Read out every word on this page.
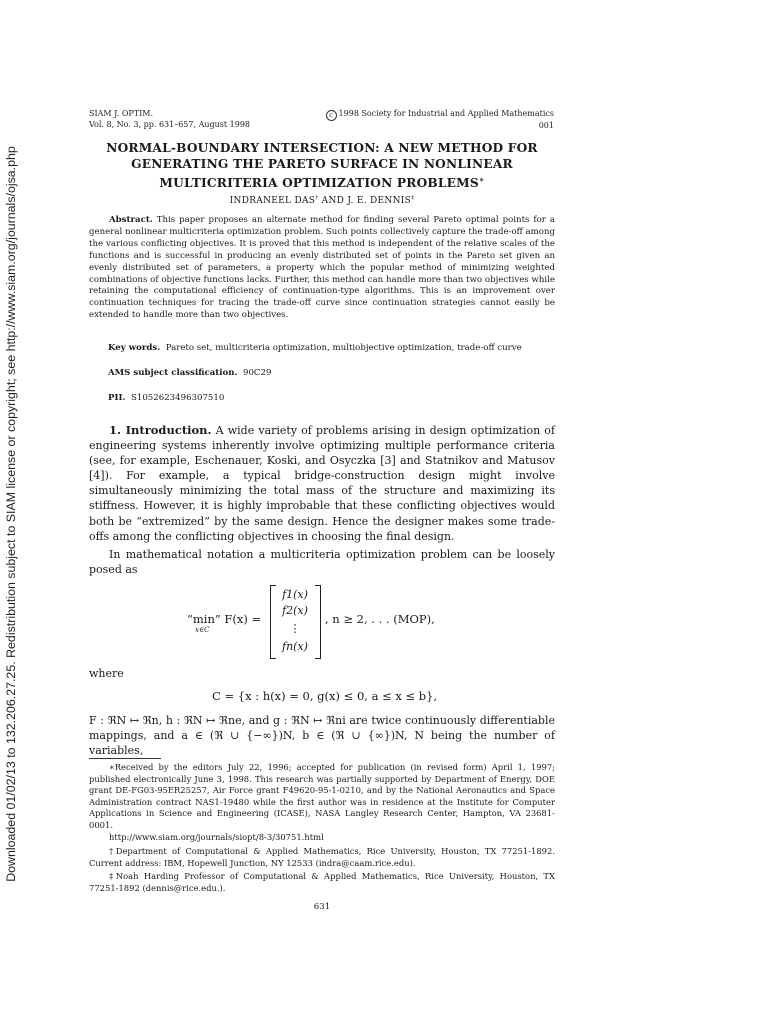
Downloaded 01/02/13 to 132.206.27.25. Redistribution subject to SIAM license or copyright; see http://www.siam.org/journals/ojsa.php
SIAM J. OPTIM.
Vol. 8, No. 3, pp. 631–657, August 1998
c 1998 Society for Industrial and Applied Mathematics
001
NORMAL-BOUNDARY INTERSECTION: A NEW METHOD FOR
GENERATING THE PARETO SURFACE IN NONLINEAR
MULTICRITERIA OPTIMIZATION PROBLEMS∗
INDRANEEL DAS† AND J. E. DENNIS‡
Abstract. This paper proposes an alternate method for finding several Pareto optimal points for a general nonlinear multicriteria optimization problem. Such points collectively capture the trade-off among the various conflicting objectives. It is proved that this method is independent of the relative scales of the functions and is successful in producing an evenly distributed set of points in the Pareto set given an evenly distributed set of parameters, a property which the popular method of minimizing weighted combinations of objective functions lacks. Further, this method can handle more than two objectives while retaining the computational efficiency of continuation-type algorithms. This is an improvement over continuation techniques for tracing the trade-off curve since continuation strategies cannot easily be extended to handle more than two objectives.
Key words. Pareto set, multicriteria optimization, multiobjective optimization, trade-off curve
AMS subject classification. 90C29
PII. S1052623496307510
1. Introduction. A wide variety of problems arising in design optimization of engineering systems inherently involve optimizing multiple performance criteria (see, for example, Eschenauer, Koski, and Osyczka [3] and Statnikov and Matusov [4]). For example, a typical bridge-construction design might involve simultaneously minimizing the total mass of the structure and maximizing its stiffness. However, it is highly improbable that these conflicting objectives would both be “extremized” by the same design. Hence the designer makes some trade-offs among the conflicting objectives in choosing the final design.
In mathematical notation a multicriteria optimization problem can be loosely posed as
“min” F(x) =
x∈C
f1(x)
f2(x)
⋮
fn(x)
, n ≥ 2, . . . (MOP),
where
C = {x : h(x) = 0, g(x) ≤ 0, a ≤ x ≤ b},
F : ℜN ↦ ℜn, h : ℜN ↦ ℜne, and g : ℜN ↦ ℜni are twice continuously differentiable mappings, and a ∈ (ℜ ∪ {−∞})N, b ∈ (ℜ ∪ {∞})N, N being the number of variables,
∗Received by the editors July 22, 1996; accepted for publication (in revised form) April 1, 1997; published electronically June 3, 1998. This research was partially supported by Department of Energy, DOE grant DE-FG03-95ER25257, Air Force grant F49620-95-1-0210, and by the National Aeronautics and Space Administration contract NAS1-19480 while the first author was in residence at the Institute for Computer Applications in Science and Engineering (ICASE), NASA Langley Research Center, Hampton, VA 23681-0001.
http://www.siam.org/journals/siopt/8-3/30751.html
†Department of Computational & Applied Mathematics, Rice University, Houston, TX 77251-1892. Current address: IBM, Hopewell Junction, NY 12533 (indra@caam.rice.edu).
‡Noah Harding Professor of Computational & Applied Mathematics, Rice University, Houston, TX 77251-1892 (dennis@rice.edu.).
631
